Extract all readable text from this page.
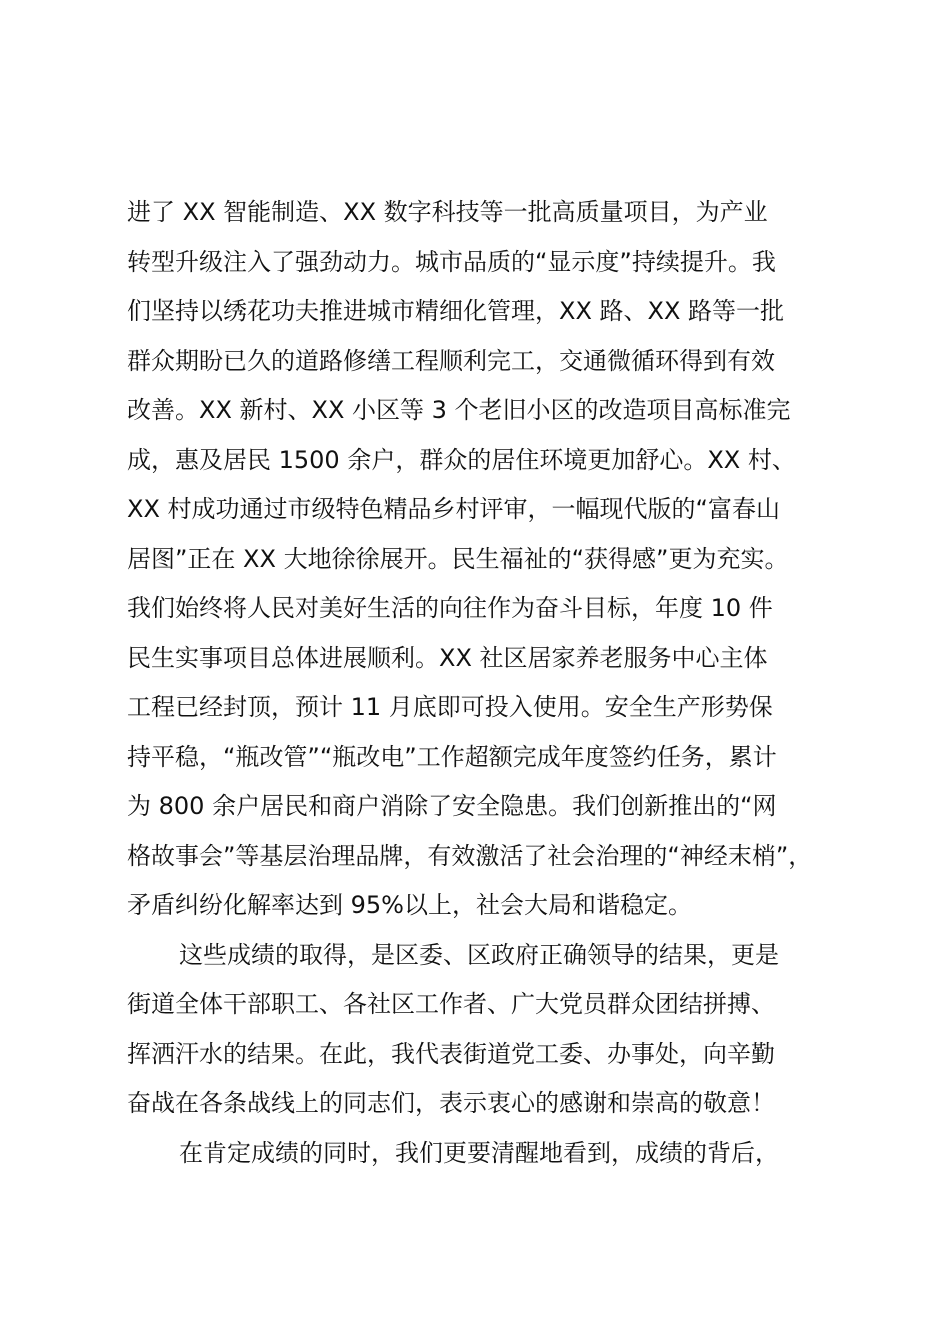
进了 XX 智能制造、XX 数字科技等一批高质量项目，为产业
转型升级注入了强劲动力。城市品质的“显示度”持续提升。我
们坚持以绣花功夫推进城市精细化管理，XX 路、XX 路等一批
群众期盼已久的道路修缮工程顺利完工，交通微循环得到有效
改善。XX 新村、XX 小区等 3 个老旧小区的改造项目高标准完
成，惠及居民 1500 余户，群众的居住环境更加舒心。XX 村、
XX 村成功通过市级特色精品乡村评审，一幅现代版的“富春山
居图”正在 XX 大地徐徐展开。民生福祉的“获得感”更为充实。
我们始终将人民对美好生活的向往作为奋斗目标，年度 10 件
民生实事项目总体进展顺利。XX 社区居家养老服务中心主体
工程已经封顶，预计 11 月底即可投入使用。安全生产形势保
持平稳，“瓶改管”“瓶改电”工作超额完成年度签约任务，累计
为 800 余户居民和商户消除了安全隐患。我们创新推出的“网
格故事会”等基层治理品牌，有效激活了社会治理的“神经末梢”，
矛盾纠纷化解率达到 95%以上，社会大局和谐稳定。
这些成绩的取得，是区委、区政府正确领导的结果，更是
街道全体干部职工、各社区工作者、广大党员群众团结拼搏、
挥洒汗水的结果。在此，我代表街道党工委、办事处，向辛勤
奋战在各条战线上的同志们，表示衷心的感谢和崇高的敬意！
在肯定成绩的同时，我们更要清醒地看到，成绩的背后，
